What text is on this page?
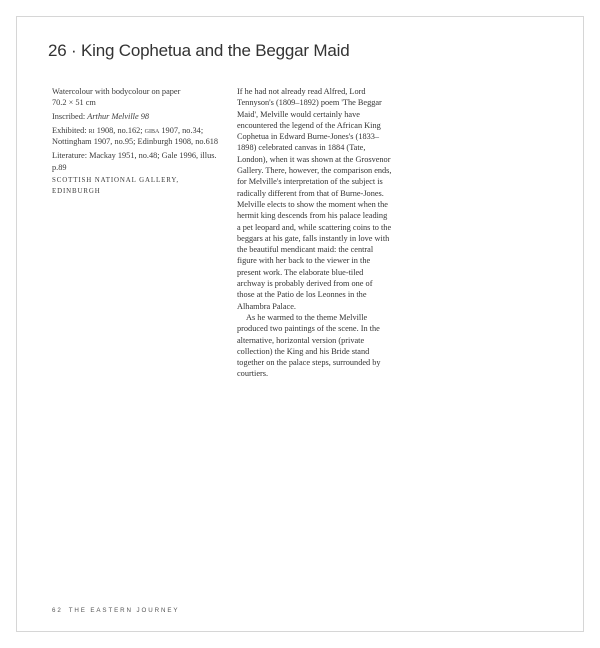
26 · King Cophetua and the Beggar Maid

Watercolour with bodycolour on paper

70.2 × 51 cm

Inscribed: Arthur Melville 98

Exhibited: ri 1908, no.162; giba 1907, no.34; Nottingham 1907, no.95; Edinburgh 1908, no.618

Literature: Mackay 1951, no.48; Gale 1996, illus. p.89

SCOTTISH NATIONAL GALLERY, EDINBURGH

If he had not already read Alfred, Lord Tennyson's (1809–1892) poem 'The Beggar Maid', Melville would certainly have encountered the legend of the African King Cophetua in Edward Burne-Jones's (1833–1898) celebrated canvas in 1884 (Tate, London), when it was shown at the Grosvenor Gallery. There, however, the comparison ends, for Melville's interpretation of the subject is radically different from that of Burne-Jones. Melville elects to show the moment when the hermit king descends from his palace leading a pet leopard and, while scattering coins to the beggars at his gate, falls instantly in love with the beautiful mendicant maid: the central figure with her back to the viewer in the present work. The elaborate blue-tiled archway is probably derived from one of those at the Patio de los Leonnes in the Alhambra Palace.

As he warmed to the theme Melville produced two paintings of the scene. In the alternative, horizontal version (private collection) the King and his Bride stand together on the palace steps, surrounded by courtiers.

62 THE EASTERN JOURNEY
